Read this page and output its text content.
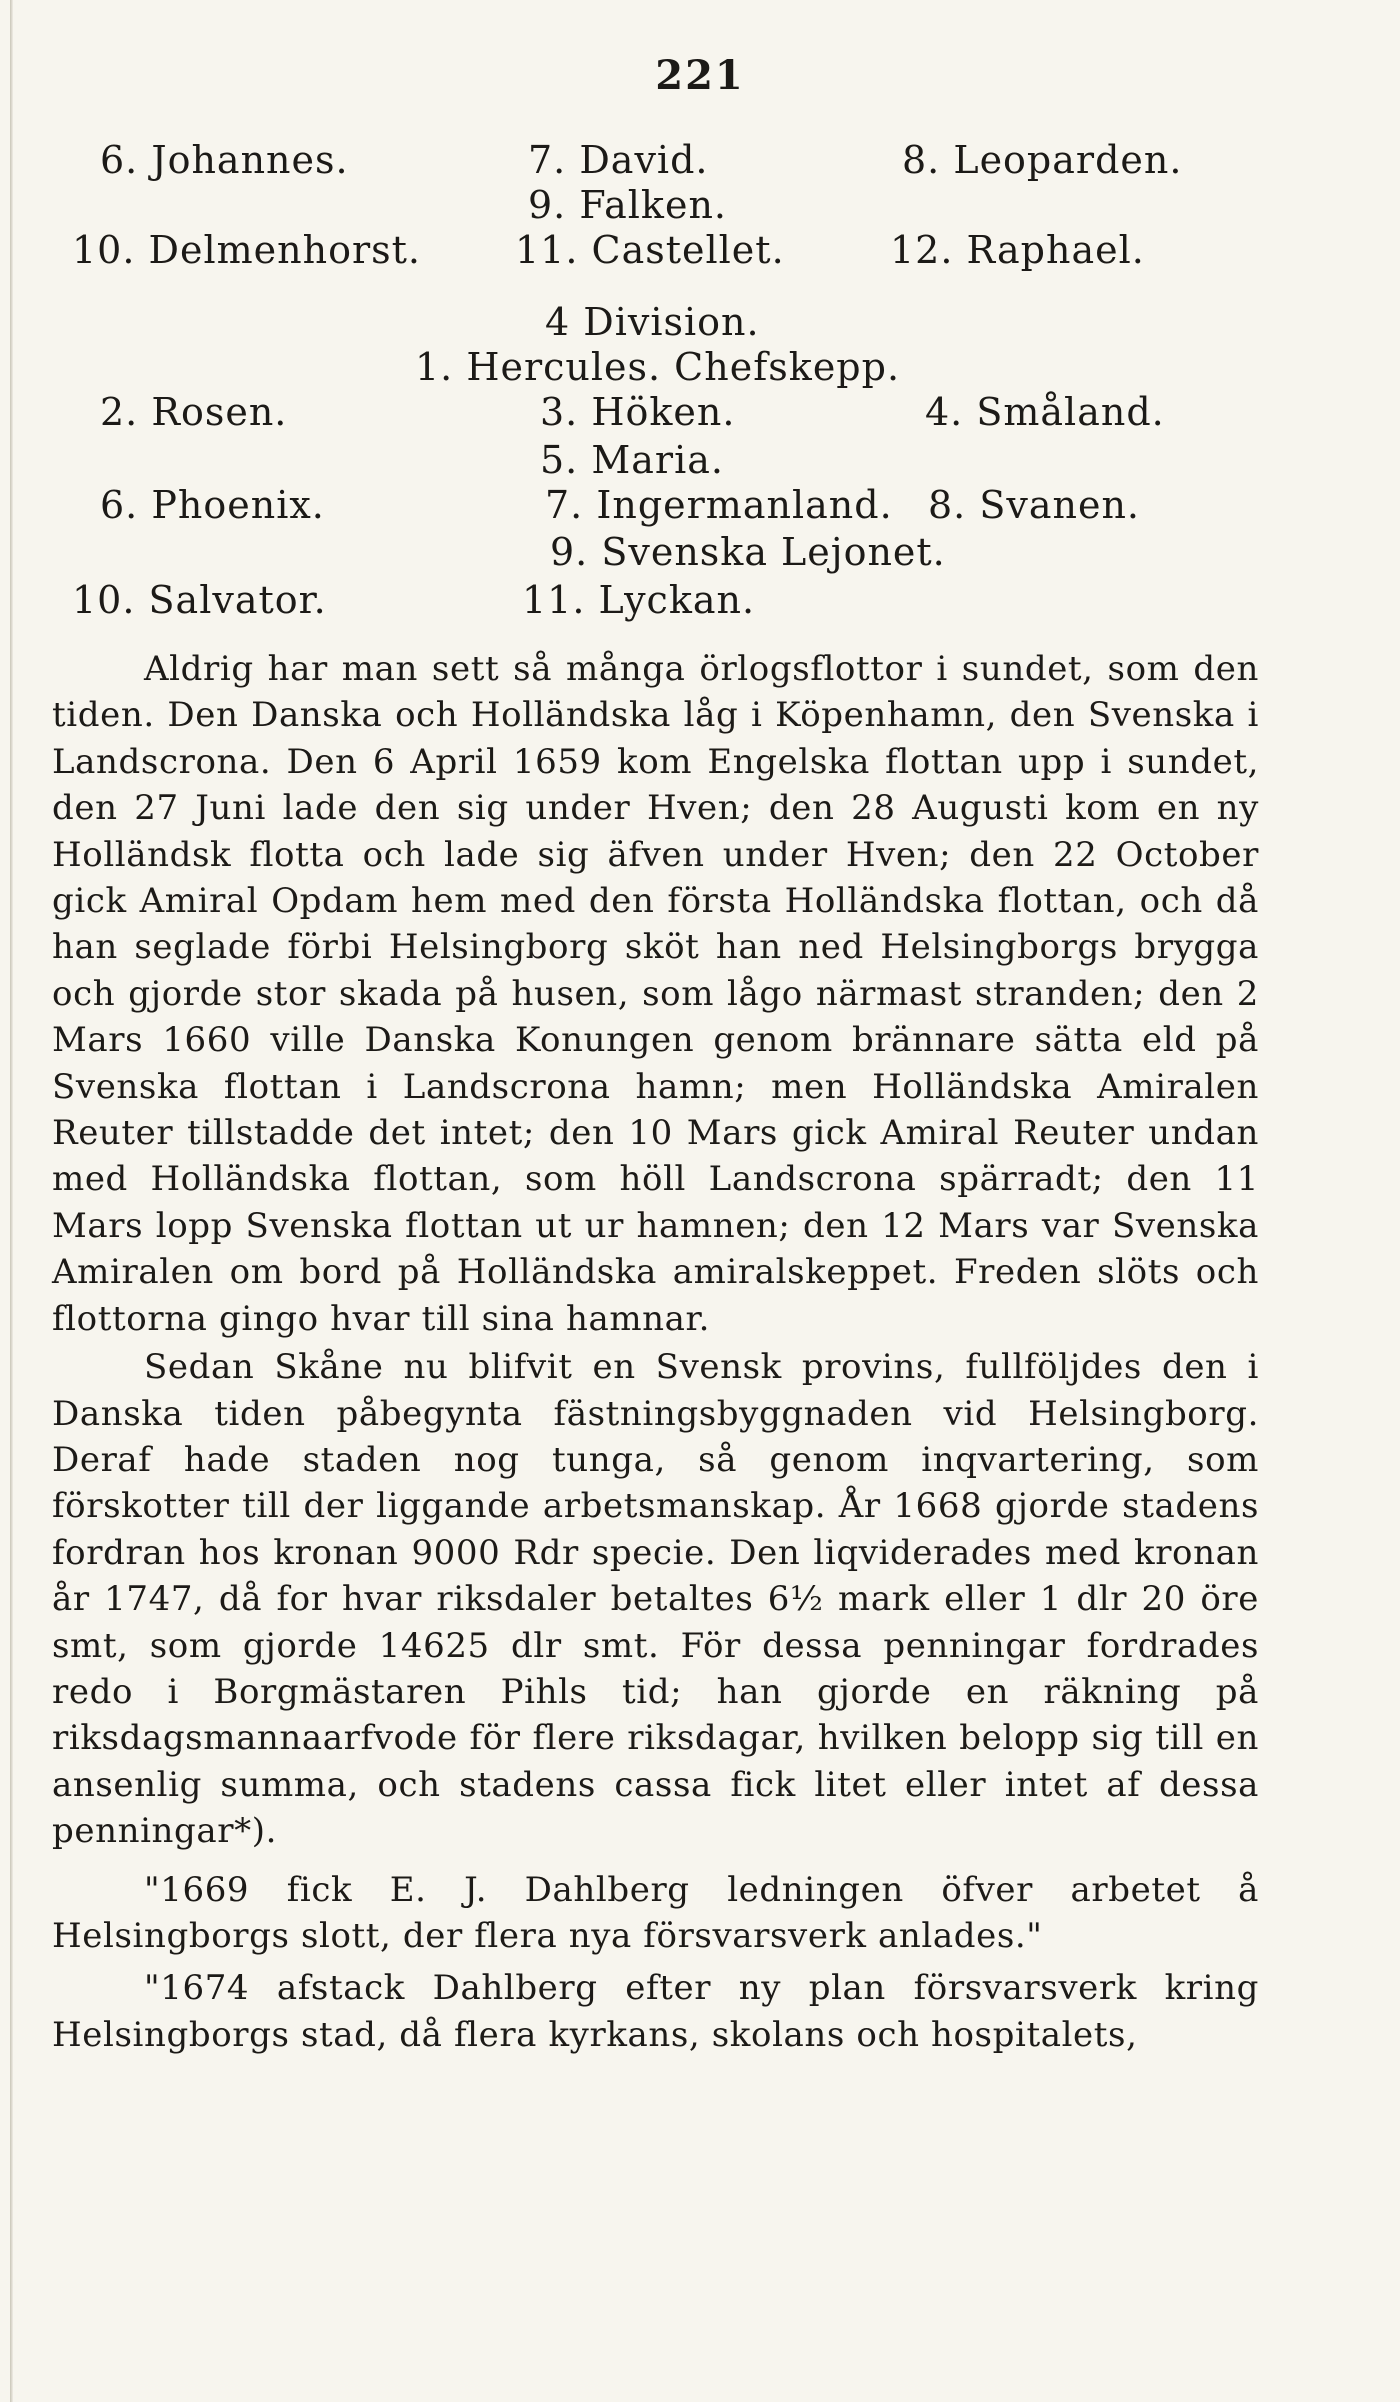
221
6. Johannes.	7. David.	8. Leoparden.
9. Falken.
10. Delmenhorst. 11. Castellet.	12. Raphael.
4 Division.
1. Hercules. Chefskepp.
2. Rosen.	3. Höken.	4. Småland.
5. Maria.
6. Phoenix.	7. Ingermanland. 8. Svanen.
9. Svenska Lejonet.
10. Salvator.	11. Lyckan.

Aldrig har man sett så många örlogsflottor i sundet, som den tiden. Den Danska och Holländska låg i Köpenhamn, den Svenska i Landscrona. Den 6 April 1659 kom Engelska flottan upp i sundet, den 27 Juni lade den sig under Hven; den 28 Augusti kom en ny Holländsk flotta och lade sig äfven under Hven; den 22 October gick Amiral Opdam hem med den första Holländska flottan, och då han seglade förbi Helsingborg sköt han ned Helsingborgs brygga och gjorde stor skada på husen, som lågo närmast stranden; den 2 Mars 1660 ville Danska Konungen genom brännare sätta eld på Svenska flottan i Landscrona hamn; men Holländska Amiralen Reuter tillstadde det intet; den 10 Mars gick Amiral Reuter undan med Holländska flottan, som höll Landscrona spärradt; den 11 Mars lopp Svenska flottan ut ur hamnen; den 12 Mars var Svenska Amiralen om bord på Holländska amiralskeppet. Freden slöts och flottorna gingo hvar till sina hamnar.

Sedan Skåne nu blifvit en Svensk provins, fullföljdes den i Danska tiden påbegynta fästningsbyggnaden vid Helsingborg. Deraf hade staden nog tunga, så genom inqvartering, som förskotter till der liggande arbetsmanskap. År 1668 gjorde stadens fordran hos kronan 9000 Rdr specie. Den liqviderades med kronan år 1747, då for hvar riksdaler betaltes 6½ mark eller 1 dlr 20 öre smt, som gjorde 14625 dlr smt. För dessa penningar fordrades redo i Borgmästaren Pihls tid; han gjorde en räkning på riksdagsmannaarfvode för flere riksdagar, hvilken belopp sig till en ansenlig summa, och stadens cassa fick litet eller intet af dessa penningar*).

"1669 fick E. J. Dahlberg ledningen öfver arbetet å Helsingborgs slott, der flera nya försvarsverk anlades."

"1674 afstack Dahlberg efter ny plan försvarsverk kring Helsingborgs stad, då flera kyrkans, skolans och hospitalets,
